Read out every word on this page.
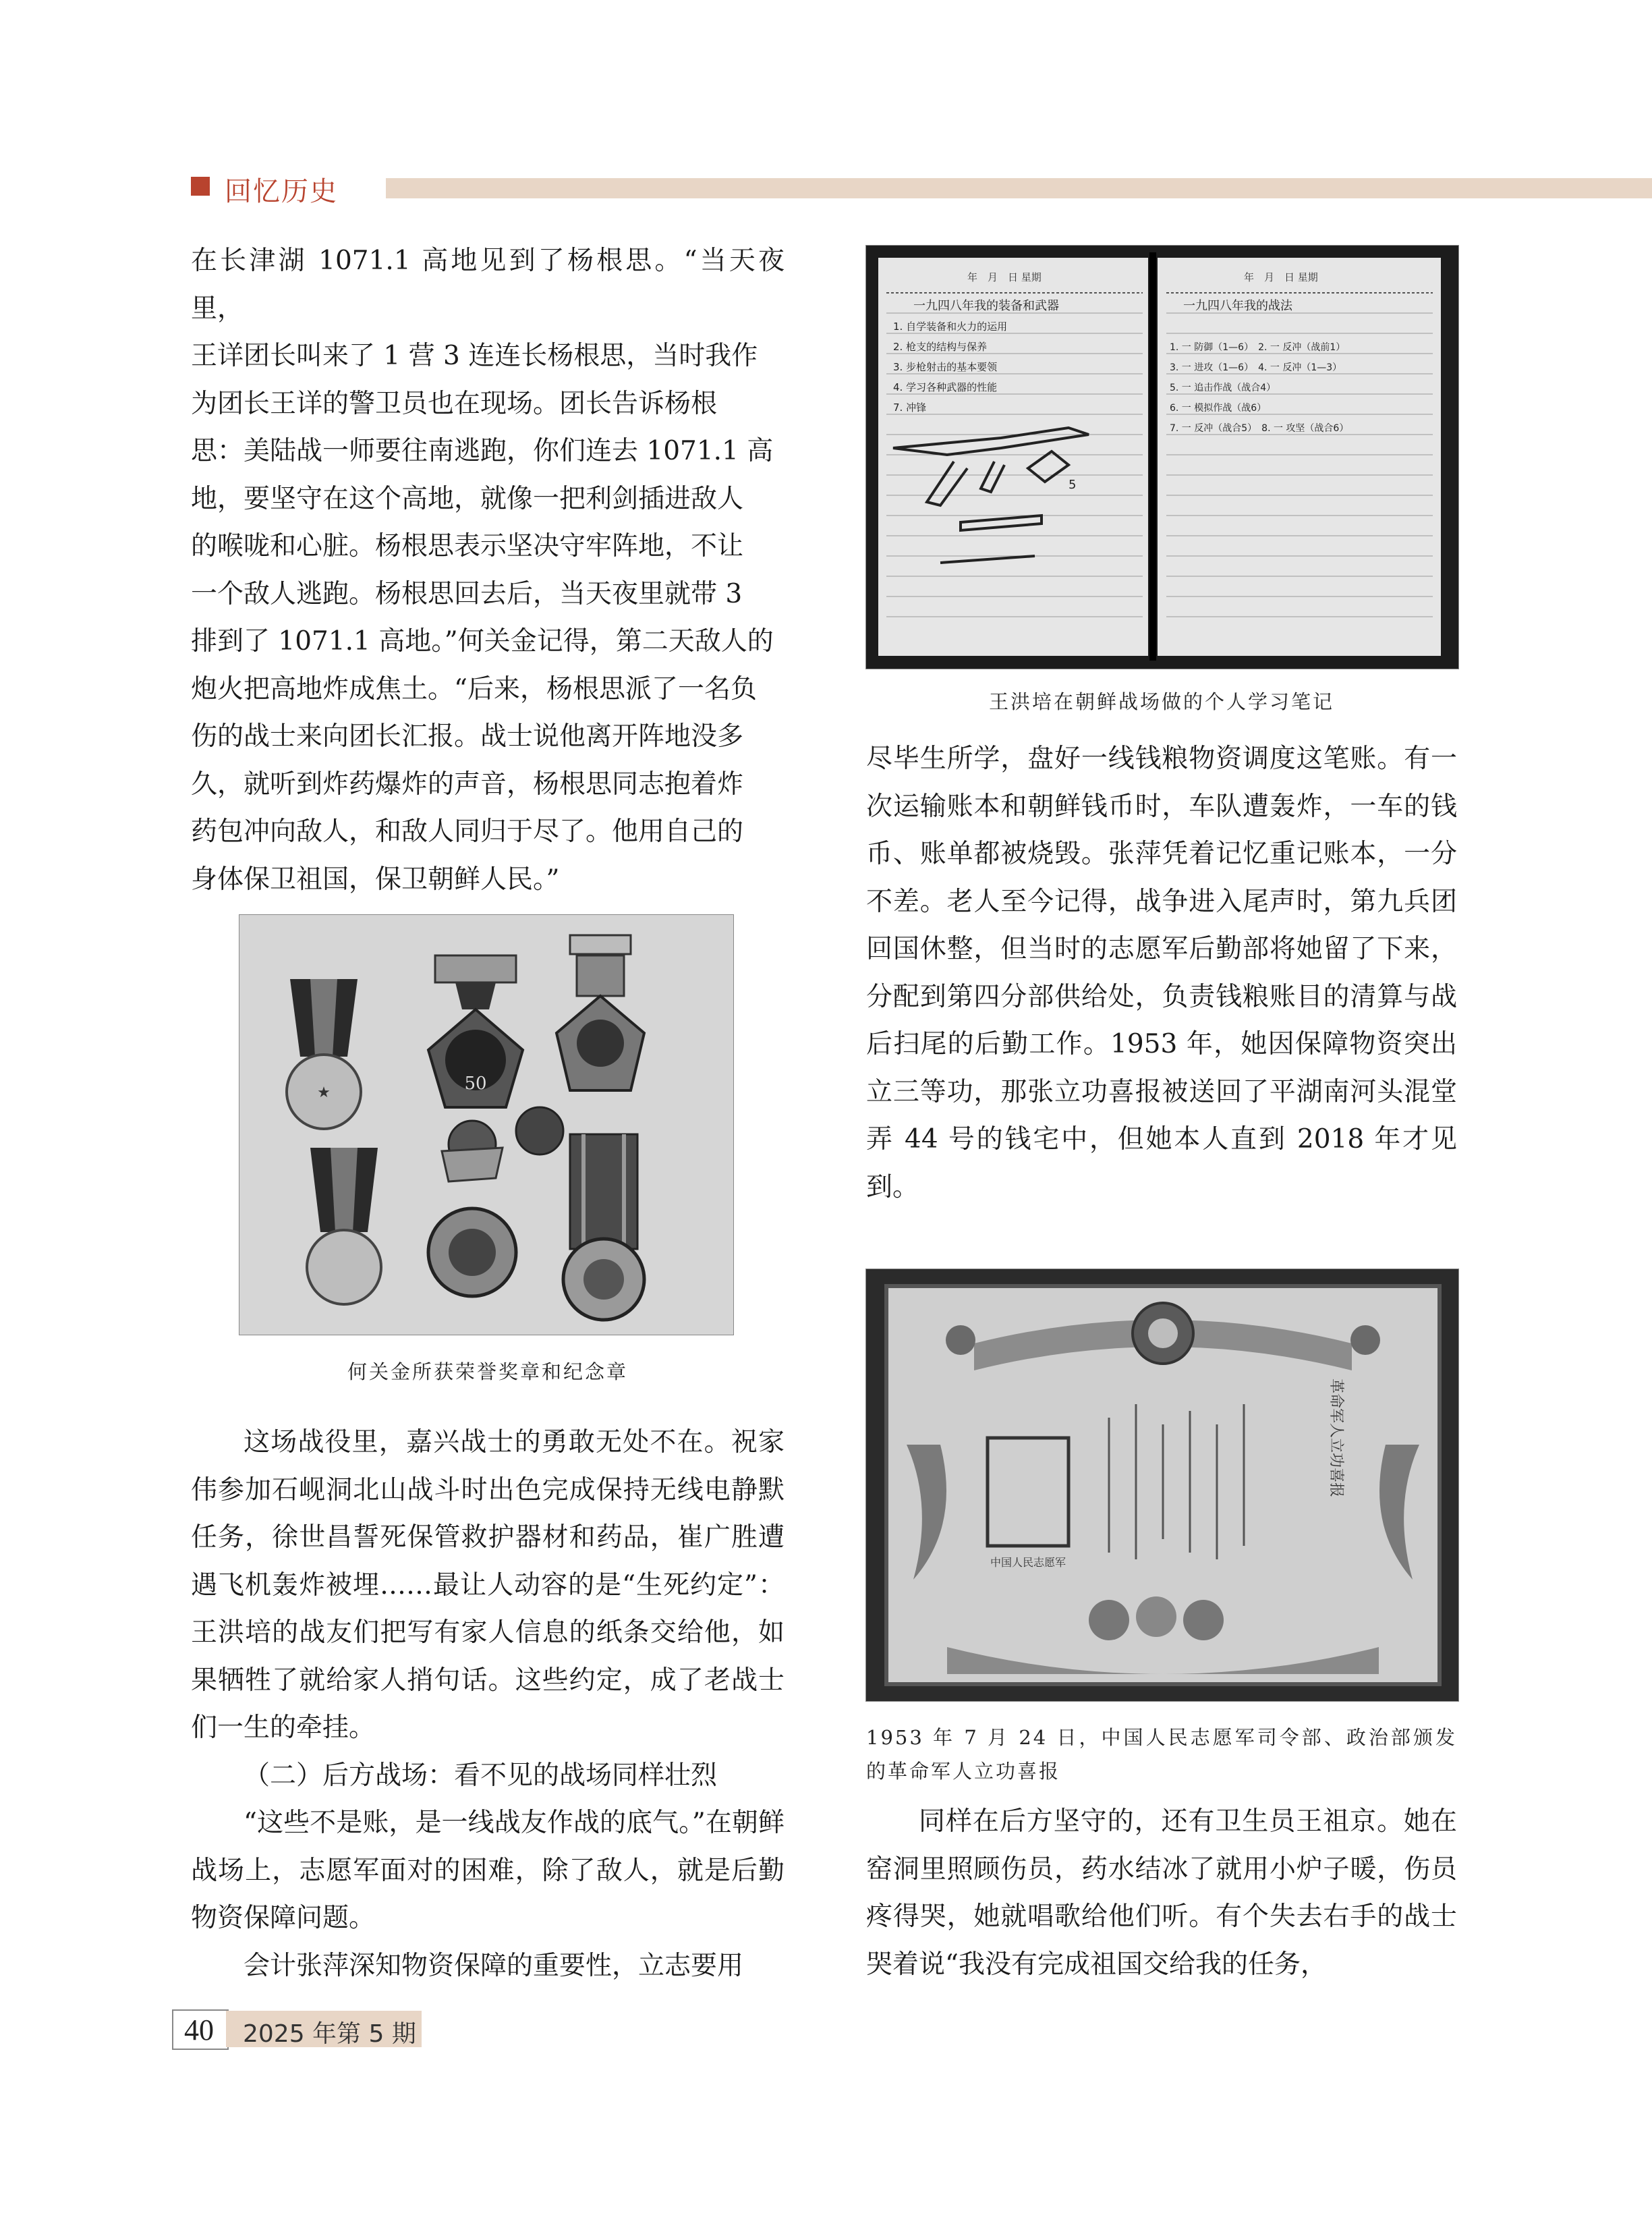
回忆历史

在长津湖 1071.1 高地见到了杨根思。“当天夜里，

王详团长叫来了 1 营 3 连连长杨根思，当时我作

为团长王详的警卫员也在现场。团长告诉杨根

思：美陆战一师要往南逃跑，你们连去 1071.1 高

地，要坚守在这个高地，就像一把利剑插进敌人

的喉咙和心脏。杨根思表示坚决守牢阵地，不让

一个敌人逃跑。杨根思回去后，当天夜里就带 3

排到了 1071.1 高地。”何关金记得，第二天敌人的

炮火把高地炸成焦土。“后来，杨根思派了一名负

伤的战士来向团长汇报。战士说他离开阵地没多

久，就听到炸药爆炸的声音，杨根思同志抱着炸

药包冲向敌人，和敌人同归于尽了。他用自己的

身体保卫祖国，保卫朝鲜人民。”

★	50
何关金所获荣誉奖章和纪念章

这场战役里，嘉兴战士的勇敢无处不在。祝家伟参加石岘洞北山战斗时出色完成保持无线电静默任务，徐世昌誓死保管救护器材和药品，崔广胜遭遇飞机轰炸被埋……最让人动容的是“生死约定”：王洪培的战友们把写有家人信息的纸条交给他，如果牺牲了就给家人捎句话。这些约定，成了老战士们一生的牵挂。

（二）后方战场：看不见的战场同样壮烈

“这些不是账，是一线战友作战的底气。”在朝鲜战场上，志愿军面对的困难，除了敌人，就是后勤物资保障问题。

会计张萍深知物资保障的重要性，立志要用

年　月　日 星期	年　月　日 星期
一九四八年我的装备和武器
1. 自学装备和火力的运用
2. 枪支的结构与保养
3. 步枪射击的基本要领
4. 学习各种武器的性能
7. 冲锋
一九四八年我的战法
1. 一 防御（1—6）　2. 一 反冲（战前1）
3. 一 进攻（1—6）　4. 一 反冲（1—3）
5. 一 追击作战（战合4）
6. 一 模拟作战（战6）
7. 一 反冲（战合5）　8. 一 攻坚（战合6）
5
王洪培在朝鲜战场做的个人学习笔记

尽毕生所学，盘好一线钱粮物资调度这笔账。有一次运输账本和朝鲜钱币时，车队遭轰炸，一车的钱币、账单都被烧毁。张萍凭着记忆重记账本，一分不差。老人至今记得，战争进入尾声时，第九兵团回国休整，但当时的志愿军后勤部将她留了下来，分配到第四分部供给处，负责钱粮账目的清算与战后扫尾的后勤工作。1953 年，她因保障物资突出立三等功，那张立功喜报被送回了平湖南河头混堂弄 44 号的钱宅中，但她本人直到 2018 年才见到。

中国人民志愿军
革命军人立功喜报
1953 年 7 月 24 日，中国人民志愿军司令部、政治部颁发的革命军人立功喜报

同样在后方坚守的，还有卫生员王祖京。她在窑洞里照顾伤员，药水结冰了就用小炉子暖，伤员疼得哭，她就唱歌给他们听。有个失去右手的战士哭着说“我没有完成祖国交给我的任务，

40	2025 年第 5 期
